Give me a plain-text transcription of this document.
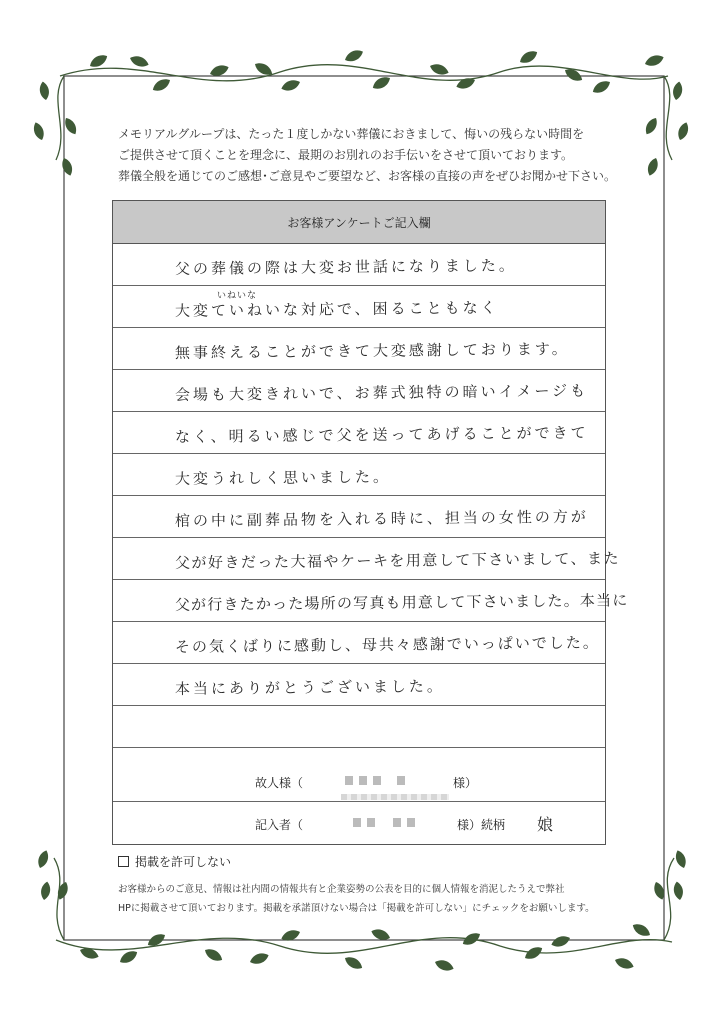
メモリアルグループは、たった１度しかない葬儀におきまして、悔いの残らない時間を
ご提供させて頂くことを理念に、最期のお別れのお手伝いをさせて頂いております。
葬儀全般を通じてのご感想･ご意見やご要望など、お客様の直接の声をぜひお聞かせ下さい。
お客様アンケートご記入欄
父の葬儀の際は大変お世話になりました。
いねいな
大変ていねいな対応で、困ることもなく
無事終えることができて大変感謝しております。
会場も大変きれいで、お葬式独特の暗いイメージも
なく、明るい感じで父を送ってあげることができて
大変うれしく思いました。
棺の中に副葬品物を入れる時に、担当の女性の方が
父が好きだった大福やケーキを用意して下さいまして、また
父が行きたかった場所の写真も用意して下さいました。本当に
その気くばりに感動し、母共々感謝でいっぱいでした。
本当にありがとうございました。
故人様（	様）
記入者（	様）続柄 娘
掲載を許可しない
お客様からのご意見、情報は社内間の情報共有と企業姿勢の公表を目的に個人情報を消泥したうえで弊社
HPに掲載させて頂いております。掲載を承諾頂けない場合は「掲載を許可しない」にチェックをお願いします。
